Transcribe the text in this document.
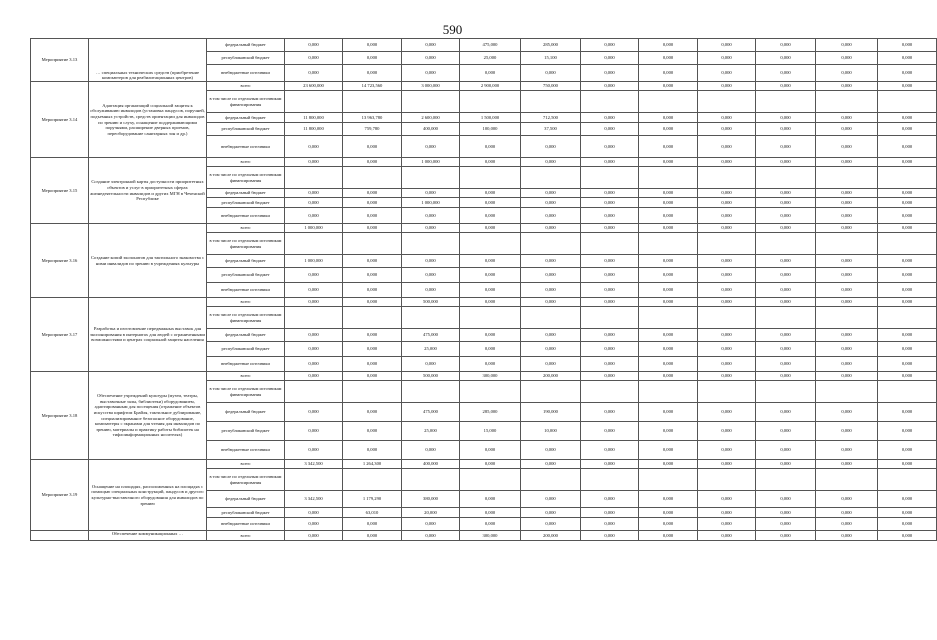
590
Мероприятие 3.13	… специальных технических средств (приобретение компьютеров для реабилитационных центров)	федеральный бюджет	0,000	0,000	0,000	475,000	285,000	0,000	0,000	0,000	0,000	0,000	0,000
		республиканский бюджет	0,000	0,000	0,000	25,000	15,100	0,000	0,000	0,000	0,000	0,000	0,000
		внебюджетные источники	0,000	0,000	0,000	0,000	0,000	0,000	0,000	0,000	0,000	0,000	0,000
Мероприятие 3.14	Адаптация организаций социальной защиты к обслуживанию инвалидов (установка пандусов, поручней, подъемных устройств, средств ориентации для инвалидов по зрению и слуху, оснащение поддерживающими поручнями, расширение дверных проемов, переоборудование санитарных зон и др.)	всего	23 600,000	14 723,560	3 000,000	2 900,000	750,000	0,000	0,000	0,000	0,000	0,000	0,000
		в том числе по отдельным источникам финансирования											
		федеральный бюджет	11 800,000	13 963,780	2 600,000	1 500,000	712,500	0,000	0,000	0,000	0,000	0,000	0,000
		республиканский бюджет	11 800,000	759,780	400,000	100,000	37,500	0,000	0,000	0,000	0,000	0,000	0,000
		внебюджетные источники	0,000	0,000	0,000	0,000	0,000	0,000	0,000	0,000	0,000	0,000	0,000
Мероприятие 3.15	Создание электронной карты доступности приоритетных объектов и услуг в приоритетных сферах жизнедеятельности инвалидов и других МГН в Чеченской Республике	всего	0,000	0,000	1 000,000	0,000	0,000	0,000	0,000	0,000	0,000	0,000	0,000
		в том числе по отдельным источникам финансирования											
		федеральный бюджет	0,000	0,000	0,000	0,000	0,000	0,000	0,000	0,000	0,000	0,000	0,000
		республиканский бюджет	0,000	0,000	1 000,000	0,000	0,000	0,000	0,000	0,000	0,000	0,000	0,000
		внебюджетные источники	0,000	0,000	0,000	0,000	0,000	0,000	0,000	0,000	0,000	0,000	0,000
Мероприятие 3.16	Создание копий экспонатов для тактильного знакомства с ними инвалидов по зрению в учреждениях культуры	всего	1 000,000	0,000	0,000	0,000	0,000	0,000	0,000	0,000	0,000	0,000	0,000
		в том числе по отдельным источникам финансирования											
		федеральный бюджет	1 000,000	0,000	0,000	0,000	0,000	0,000	0,000	0,000	0,000	0,000	0,000
		республиканский бюджет	0,000	0,000	0,000	0,000	0,000	0,000	0,000	0,000	0,000	0,000	0,000
		внебюджетные источники	0,000	0,000	0,000	0,000	0,000	0,000	0,000	0,000	0,000	0,000	0,000
Мероприятие 3.17	Разработка и изготовление передвижных выставок для экспонирования в интернатах для людей с ограниченными возможностями и центрах социальной защиты населения	всего	0,000	0,000	500,000	0,000	0,000	0,000	0,000	0,000	0,000	0,000	0,000
		в том числе по отдельным источникам финансирования											
		федеральный бюджет	0,000	0,000	475,000	0,000	0,000	0,000	0,000	0,000	0,000	0,000	0,000
		республиканский бюджет	0,000	0,000	25,000	0,000	0,000	0,000	0,000	0,000	0,000	0,000	0,000
		внебюджетные источники	0,000	0,000	0,000	0,000	0,000	0,000	0,000	0,000	0,000	0,000	0,000
Мероприятие 3.18	Обеспечение учреждений культуры (музеи, театры, выставочные залы, библиотеки) оборудованием, адаптированным для посещения (отражение объектов искусства шрифтом Брайля, тактильное дублирование, специализированное безопасное оборудование, компьютеры с экранами для чтения для инвалидов по зрению, материалы и практику работы библиотек на тифлоинформационных носителях)	всего	0,000	0,000	500,000	300,000	200,000	0,000	0,000	0,000	0,000	0,000	0,000
		в том числе по отдельным источникам финансирования											
		федеральный бюджет	0,000	0,000	475,000	285,000	190,000	0,000	0,000	0,000	0,000	0,000	0,000
		республиканский бюджет	0,000	0,000	25,000	15,000	10,000	0,000	0,000	0,000	0,000	0,000	0,000
		внебюджетные источники	0,000	0,000	0,000	0,000	0,000	0,000	0,000	0,000	0,000	0,000	0,000
Мероприятие 3.19	Оснащение на площадях, расположенных на площадях с помощью специальных конструкций, пандусов и другого культурно-выставочного оборудования для инвалидов по зрению	всего	3 342,500	1 264,300	400,000	0,000	0,000	0,000	0,000	0,000	0,000	0,000	0,000
		в том числе по отдельным источникам финансирования											
		федеральный бюджет	3 342,500	1 179,290	380,000	0,000	0,000	0,000	0,000	0,000	0,000	0,000	0,000
		республиканский бюджет	0,000	63,010	20,000	0,000	0,000	0,000	0,000	0,000	0,000	0,000	0,000
		внебюджетные источники	0,000	0,000	0,000	0,000	0,000	0,000	0,000	0,000	0,000	0,000	0,000
	Обеспечение коммуникационных …	всего	0,000	0,000	0,000	300,000	200,000	0,000	0,000	0,000	0,000	0,000	0,000
